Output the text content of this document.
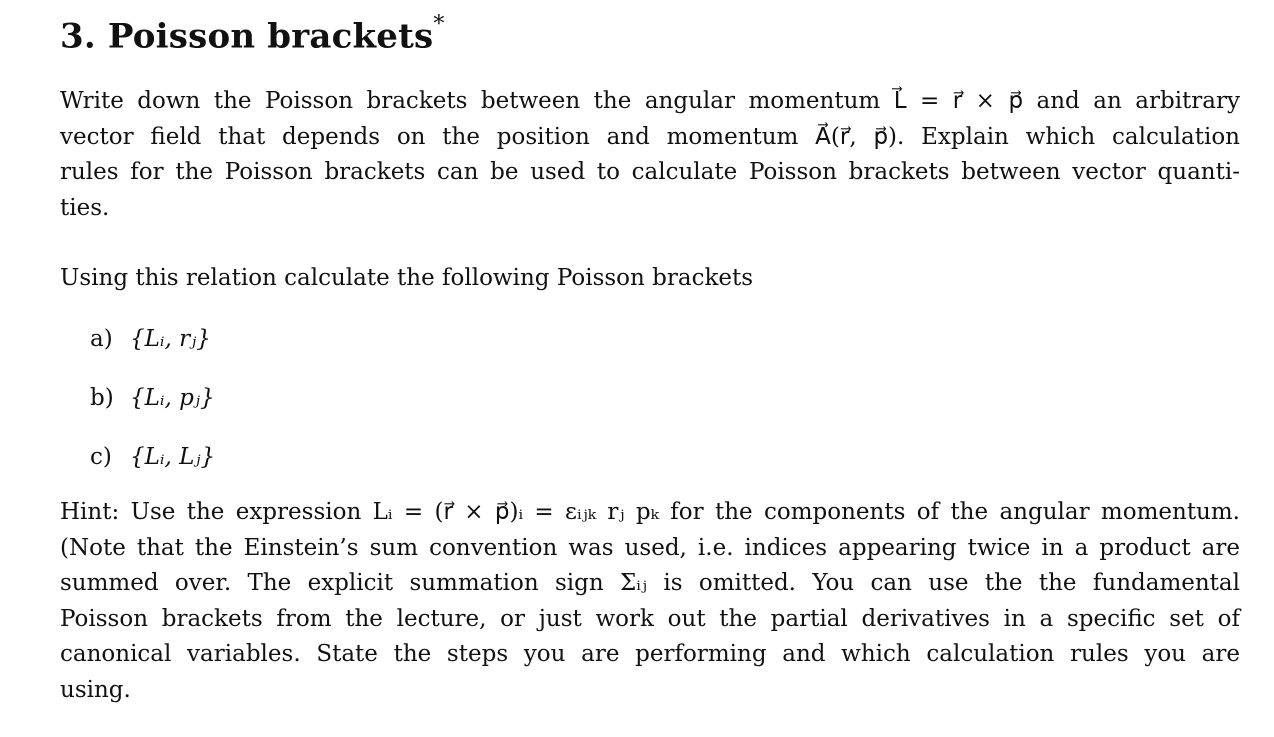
3. Poisson brackets*

Write down the Poisson brackets between the angular momentum L⃗ = r⃗ × p⃗ and an arbitrary
vector field that depends on the position and momentum A⃗(r⃗, p⃗). Explain which calculation
rules for the Poisson brackets can be used to calculate Poisson brackets between vector quanti-
ties.

Using this relation calculate the following Poisson brackets

a) {Lᵢ, rⱼ}
b) {Lᵢ, pⱼ}
c) {Lᵢ, Lⱼ}

Hint: Use the expression Lᵢ = (r⃗ × p⃗)ᵢ = εᵢⱼₖ rⱼ pₖ for the components of the angular momentum.
(Note that the Einstein’s sum convention was used, i.e. indices appearing twice in a product are
summed over. The explicit summation sign Σᵢⱼ is omitted. You can use the the fundamental
Poisson brackets from the lecture, or just work out the partial derivatives in a specific set of
canonical variables. State the steps you are performing and which calculation rules you are
using.
